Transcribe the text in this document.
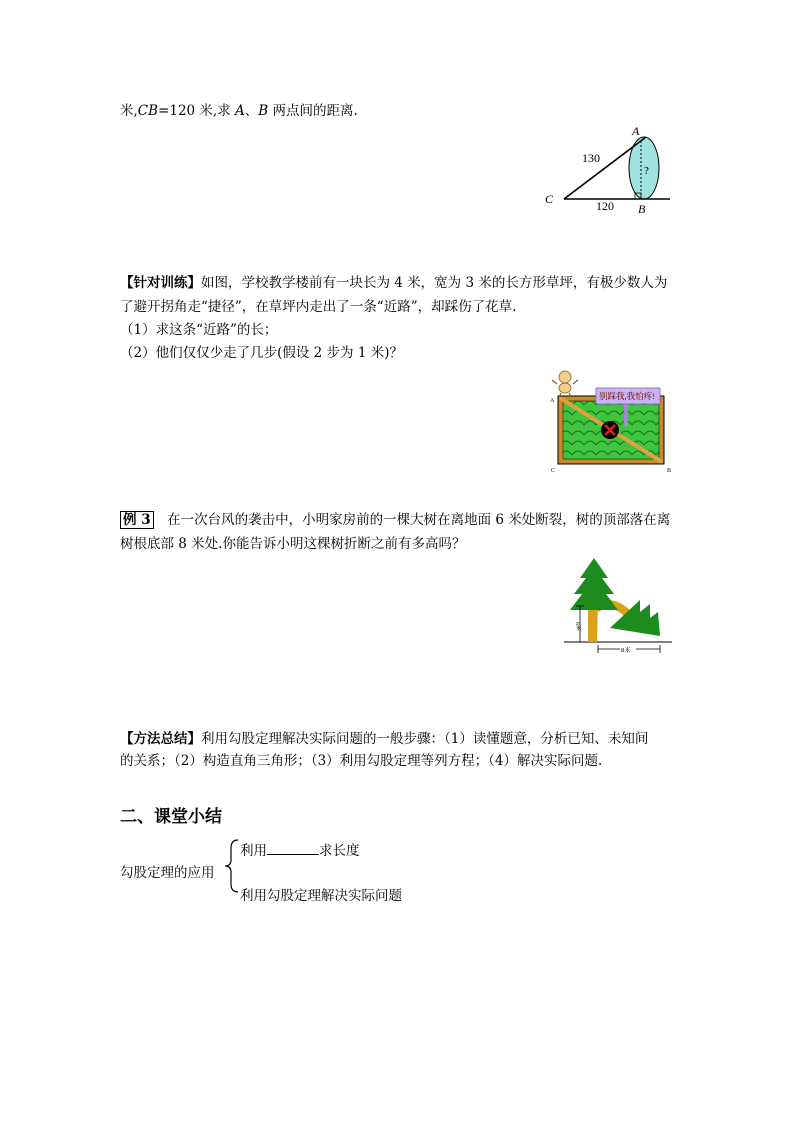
米,CB=120 米,求 A、B 两点间的距离.
A
B
C
130
120
?
【针对训练】如图，学校教学楼前有一块长为 4 米，宽为 3 米的长方形草坪，有极少数人为
了避开拐角走“捷径”，在草坪内走出了一条“近路”，却踩伤了花草.
（1）求这条“近路”的长；
（2）他们仅仅少走了几步(假设 2 步为 1 米)？
别踩我,我怕疼!
A
B
C
例 3　在一次台风的袭击中，小明家房前的一棵大树在离地面 6 米处断裂，树的顶部落在离
树根底部 8 米处.你能告诉小明这棵树折断之前有多高吗？
6米
8米
【方法总结】利用勾股定理解决实际问题的一般步骤：（1）读懂题意，分析已知、未知间
的关系；（2）构造直角三角形；（3）利用勾股定理等列方程；（4）解决实际问题.
二、课堂小结
勾股定理的应用
利用	求长度
利用勾股定理解决实际问题
